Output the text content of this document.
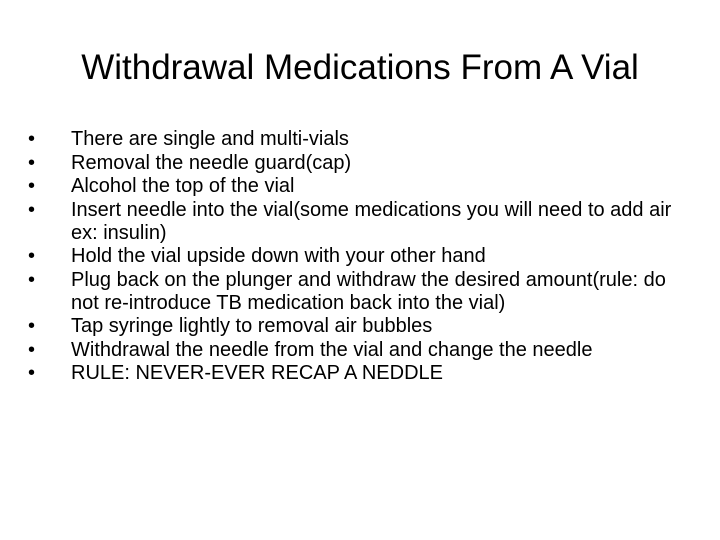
Withdrawal Medications From A Vial
•	There are single and multi-vials
•	Removal the needle guard(cap)
•	Alcohol the top of the vial
•	Insert needle into the vial(some medications you will need to add air ex: insulin)
•	Hold the vial upside down with your other hand
•	Plug back on the plunger and withdraw the desired amount(rule: do not re-introduce TB medication back into the vial)
•	Tap syringe lightly to removal air bubbles
•	Withdrawal the needle from the vial and change the needle
•	RULE: NEVER-EVER RECAP A NEDDLE
